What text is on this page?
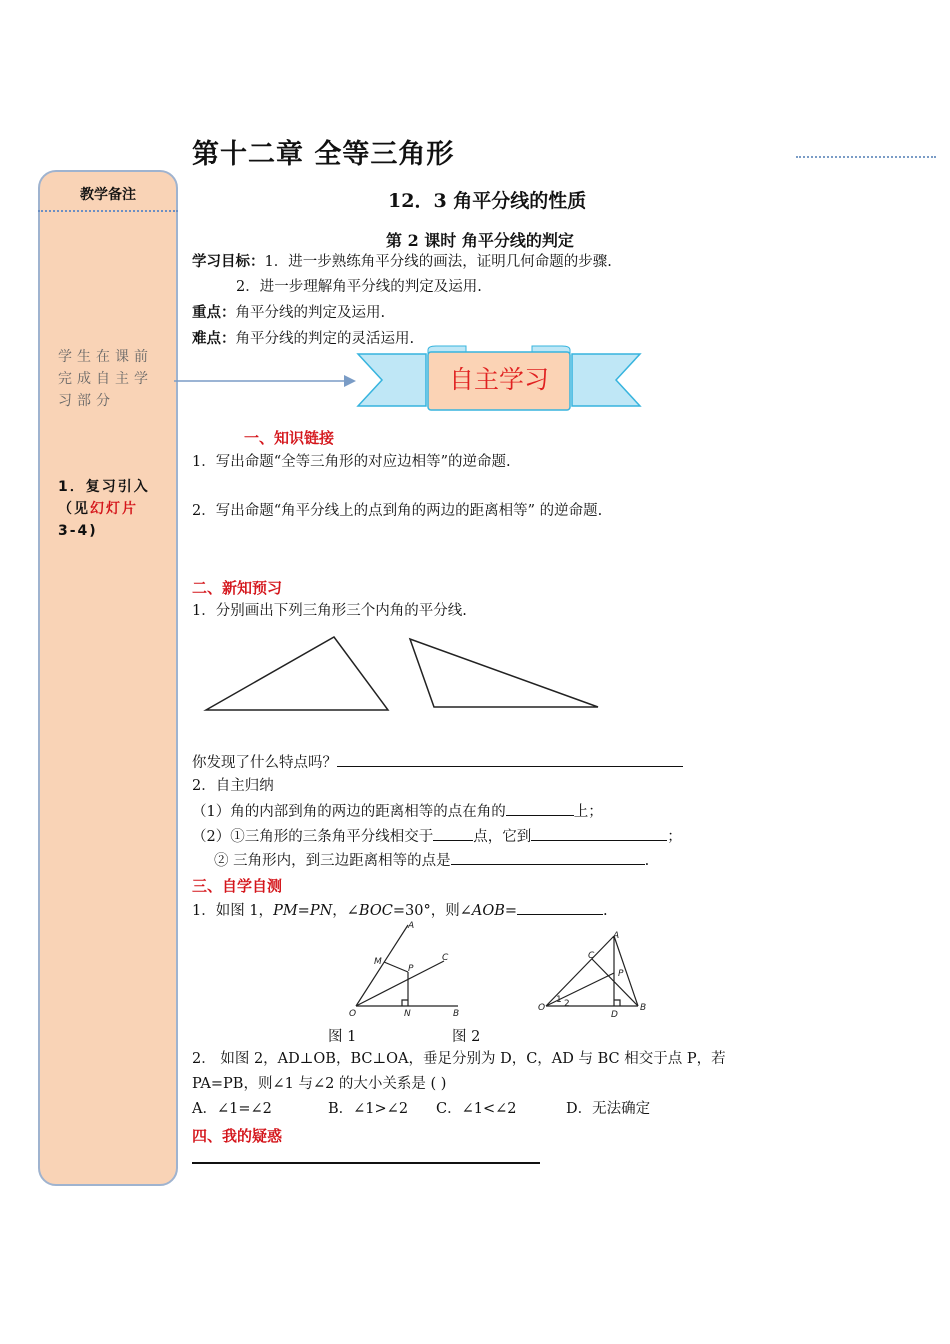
第十二章 全等三角形
教学备注
学生在课前完成自主学习部分
1．复习引入（见幻灯片
3-4)
12．3 角平分线的性质
第 2 课时 角平分线的判定
学习目标：1．进一步熟练角平分线的画法，证明几何命题的步骤.
2．进一步理解角平分线的判定及运用.
重点：角平分线的判定及运用.
难点：角平分线的判定的灵活运用.
自主学习
一、知识链接
1．写出命题“全等三角形的对应边相等”的逆命题.
2．写出命题“角平分线上的点到角的两边的距离相等” 的逆命题.
二、新知预习
1．分别画出下列三角形三个内角的平分线.
你发现了什么特点吗？
2．自主归纳
（1）角的内部到角的两边的距离相等的点在角的	上；
（2）①三角形的三条角平分线相交于	点，它到	；
② 三角形内，到三边距离相等的点是	.
三、自学自测
1．如图 1，PM=PN，∠BOC=30°，则∠AOB=	.
A
M
P
C
O	N	B
A
C
P
O
1 2
D
B
图 1	图 2
2． 如图 2，AD⊥OB，BC⊥OA，垂足分别为 D，C，AD 与 BC 相交于点 P，若
PA=PB，则∠1 与∠2 的大小关系是 ( )
A．∠1=∠2	B．∠1>∠2 C．∠1<∠2	D．无法确定
四、我的疑惑
